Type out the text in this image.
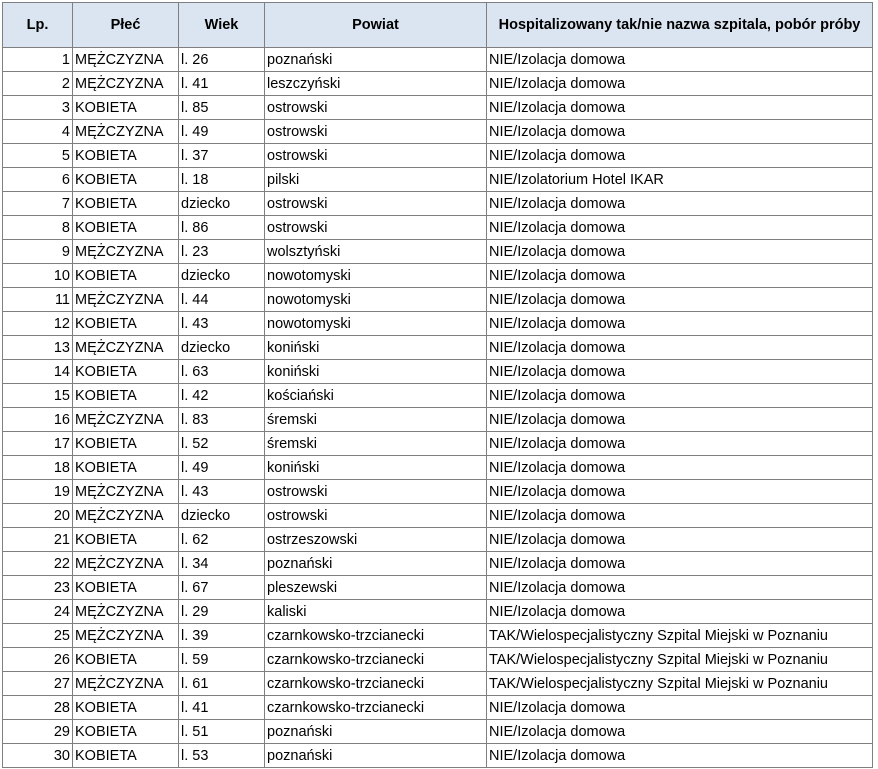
Lp.	Płeć	Wiek	Powiat	Hospitalizowany tak/nie nazwa szpitala, pobór próby
1	MĘŻCZYZNA	l. 26	poznański	NIE/Izolacja domowa
2	MĘŻCZYZNA	l. 41	leszczyński	NIE/Izolacja domowa
3	KOBIETA	l. 85	ostrowski	NIE/Izolacja domowa
4	MĘŻCZYZNA	l. 49	ostrowski	NIE/Izolacja domowa
5	KOBIETA	l. 37	ostrowski	NIE/Izolacja domowa
6	KOBIETA	l. 18	pilski	NIE/Izolatorium Hotel IKAR
7	KOBIETA	dziecko	ostrowski	NIE/Izolacja domowa
8	KOBIETA	l. 86	ostrowski	NIE/Izolacja domowa
9	MĘŻCZYZNA	l. 23	wolsztyński	NIE/Izolacja domowa
10	KOBIETA	dziecko	nowotomyski	NIE/Izolacja domowa
11	MĘŻCZYZNA	l. 44	nowotomyski	NIE/Izolacja domowa
12	KOBIETA	l. 43	nowotomyski	NIE/Izolacja domowa
13	MĘŻCZYZNA	dziecko	koniński	NIE/Izolacja domowa
14	KOBIETA	l. 63	koniński	NIE/Izolacja domowa
15	KOBIETA	l. 42	kościański	NIE/Izolacja domowa
16	MĘŻCZYZNA	l. 83	śremski	NIE/Izolacja domowa
17	KOBIETA	l. 52	śremski	NIE/Izolacja domowa
18	KOBIETA	l. 49	koniński	NIE/Izolacja domowa
19	MĘŻCZYZNA	l. 43	ostrowski	NIE/Izolacja domowa
20	MĘŻCZYZNA	dziecko	ostrowski	NIE/Izolacja domowa
21	KOBIETA	l. 62	ostrzeszowski	NIE/Izolacja domowa
22	MĘŻCZYZNA	l. 34	poznański	NIE/Izolacja domowa
23	KOBIETA	l. 67	pleszewski	NIE/Izolacja domowa
24	MĘŻCZYZNA	l. 29	kaliski	NIE/Izolacja domowa
25	MĘŻCZYZNA	l. 39	czarnkowsko-trzcianecki	TAK/Wielospecjalistyczny Szpital Miejski w Poznaniu
26	KOBIETA	l. 59	czarnkowsko-trzcianecki	TAK/Wielospecjalistyczny Szpital Miejski w Poznaniu
27	MĘŻCZYZNA	l. 61	czarnkowsko-trzcianecki	TAK/Wielospecjalistyczny Szpital Miejski w Poznaniu
28	KOBIETA	l. 41	czarnkowsko-trzcianecki	NIE/Izolacja domowa
29	KOBIETA	l. 51	poznański	NIE/Izolacja domowa
30	KOBIETA	l. 53	poznański	NIE/Izolacja domowa
